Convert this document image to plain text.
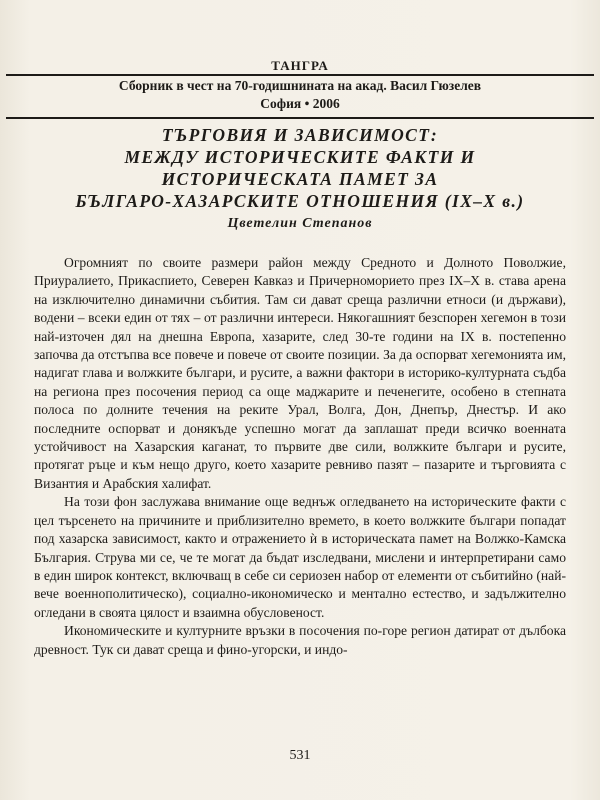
ТАНГРА
Сборник в чест на 70-годишнината на акад. Васил Гюзелев
София • 2006
ТЪРГОВИЯ И ЗАВИСИМОСТ:
МЕЖДУ ИСТОРИЧЕСКИТЕ ФАКТИ И
ИСТОРИЧЕСКАТА ПАМЕТ ЗА
БЪЛГАРО-ХАЗАРСКИТЕ ОТНОШЕНИЯ (IX–X в.)
Цветелин Степанов

Огромният по своите размери район между Средното и Долното Поволжие, Приуралието, Прикаспието, Северен Кавказ и Причерноморието през IX–X в. става арена на изключително динамични събития. Там си дават среща различни етноси (и държави), водени – всеки един от тях – от различни интереси. Някогашният безспорен хегемон в този най-източен дял на днешна Европа, хазарите, след 30-те години на IX в. постепенно започва да отстъпва все повече и повече от своите позиции. За да оспорват хегемонията им, надигат глава и волжките българи, и русите, а важни фактори в историко-културната съдба на региона през посочения период са още маджарите и печенегите, особено в степната полоса по долните течения на реките Урал, Волга, Дон, Днепър, Днестър. И ако последните оспорват и донякъде успешно могат да заплашат преди всичко военната устойчивост на Хазарския каганат, то първите две сили, волжките българи и русите, протягат ръце и към нещо друго, което хазарите ревниво пазят – пазарите и търговията с Византия и Арабския халифат.

На този фон заслужава внимание още веднъж огледването на историческите факти с цел търсенето на причините и приблизително времето, в което волжките българи попадат под хазарска зависимост, както и отражението ѝ в историческата памет на Волжко-Камска България. Струва ми се, че те могат да бъдат изследвани, мислени и интерпретирани само в един широк контекст, включващ в себе си сериозен набор от елементи от събитийно (най-вече военнополитическо), социално-икономическо и ментално естество, и задължително огледани в своята цялост и взаимна обусловеност.

Икономическите и културните връзки в посочения по-горе регион датират от дълбока древност. Тук си дават среща и фино-угорски, и индо-

531
